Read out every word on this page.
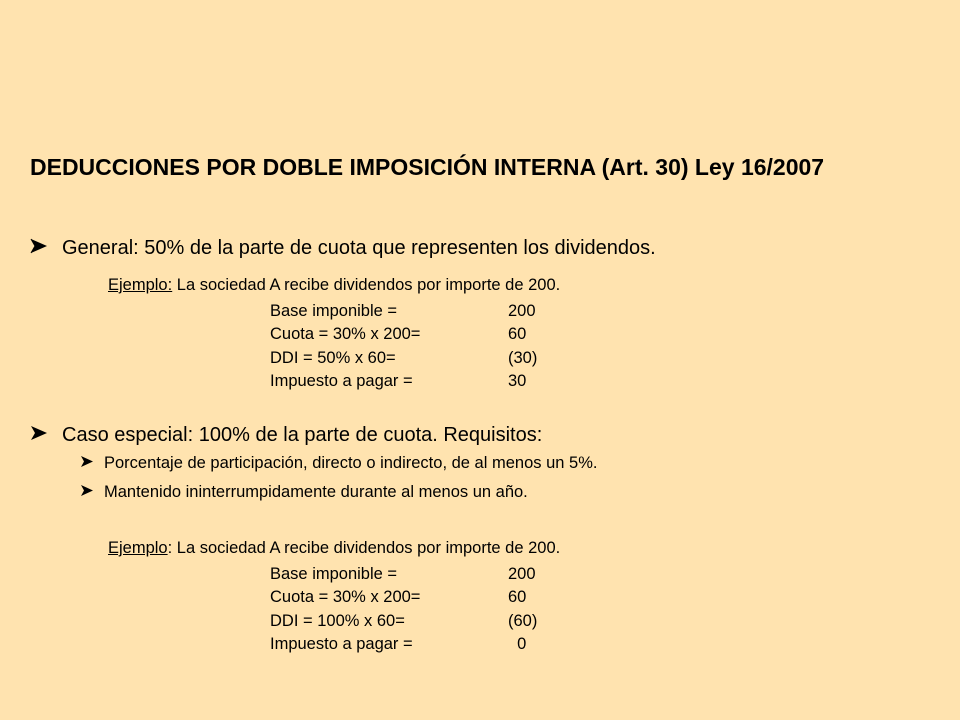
DEDUCCIONES POR DOBLE IMPOSICIÓN INTERNA (Art. 30) Ley 16/2007
General: 50% de la parte de cuota que representen los dividendos.
Ejemplo: La sociedad A recibe dividendos por importe de 200.
Base imponible =	200
Cuota = 30% x 200=	60
DDI = 50% x 60=	(30)
Impuesto a pagar =	30
Caso especial: 100% de la parte de cuota. Requisitos:
Porcentaje de participación, directo o indirecto, de al menos un 5%.
Mantenido ininterrumpidamente durante al menos un año.
Ejemplo: La sociedad A recibe dividendos por importe de 200.
Base imponible =	200
Cuota = 30% x 200=	60
DDI = 100% x 60=	(60)
Impuesto a pagar =	0
